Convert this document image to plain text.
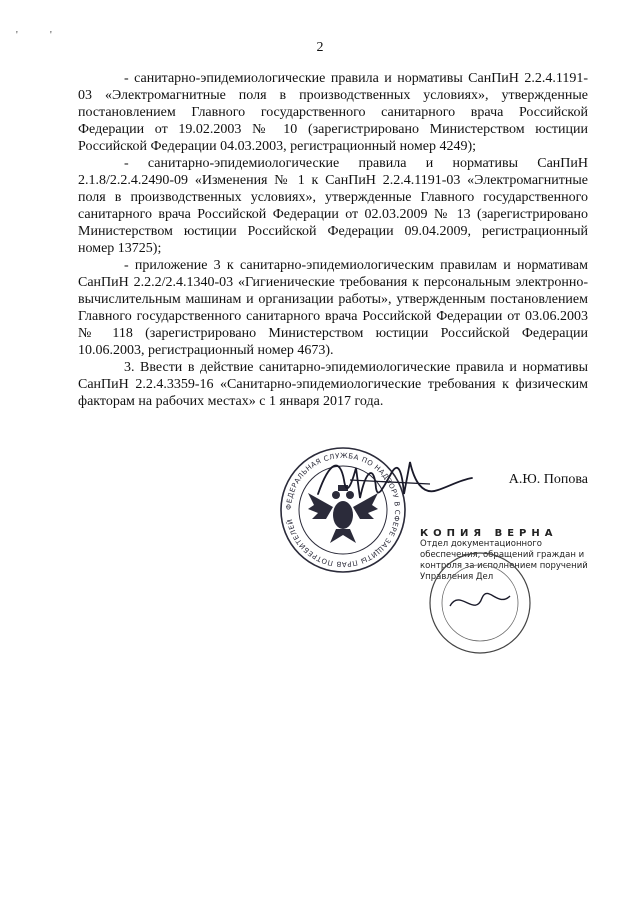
'	'
2

- санитарно-эпидемиологические правила и нормативы СанПиН 2.2.4.1191-03 «Электромагнитные поля в производственных условиях», утвержденные постановлением Главного государственного санитарного врача Российской Федерации от 19.02.2003 № 10 (зарегистрировано Министерством юстиции Российской Федерации 04.03.2003, регистрационный номер 4249);

- санитарно-эпидемиологические правила и нормативы СанПиН 2.1.8/2.2.4.2490-09 «Изменения № 1 к СанПиН 2.2.4.1191-03 «Электромагнитные поля в производственных условиях», утвержденные Главного государственного санитарного врача Российской Федерации от 02.03.2009 № 13 (зарегистрировано Министерством юстиции Российской Федерации 09.04.2009, регистрационный номер 13725);

- приложение 3 к санитарно-эпидемиологическим правилам и нормативам СанПиН 2.2.2/2.4.1340-03 «Гигиенические требования к персональным электронно-вычислительным машинам и организации работы», утвержденным постановлением Главного государственного санитарного врача Российской Федерации от 03.06.2003 № 118 (зарегистрировано Министерством юстиции Российской Федерации 10.06.2003, регистрационный номер 4673).

3. Ввести в действие санитарно-эпидемиологические правила и нормативы СанПиН 2.2.4.3359-16 «Санитарно-эпидемиологические требования к физическим факторам на рабочих местах» с 1 января 2017 года.

ФЕДЕРАЛЬНАЯ СЛУЖБА ПО НАДЗОРУ В СФЕРЕ ЗАЩИТЫ ПРАВ ПОТРЕБИТЕЛЕЙ
А.Ю. Попова
КОПИЯ ВЕРНА
Отдел документационного
обеспечения, обращений граждан и
контроля за исполнением поручений
Управления Дел
